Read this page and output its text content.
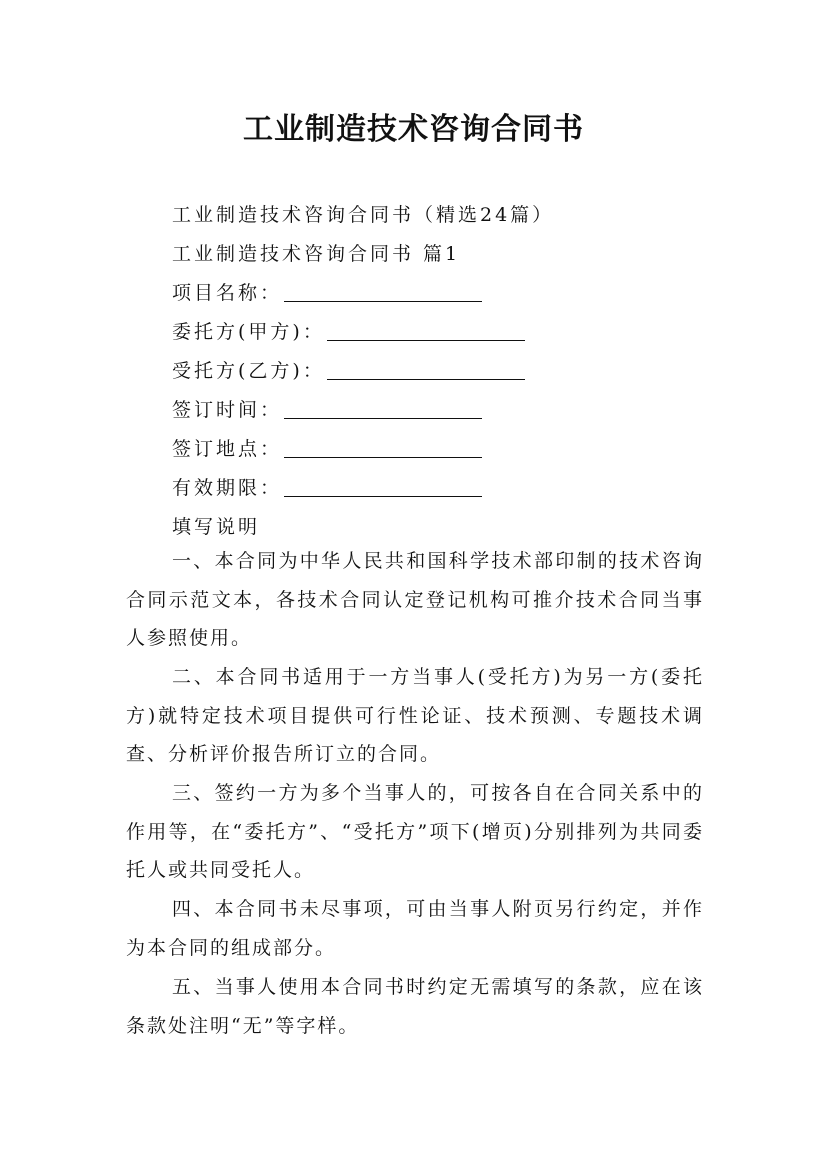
工业制造技术咨询合同书
工业制造技术咨询合同书（精选24篇）
工业制造技术咨询合同书 篇1
项目名称：
委托方(甲方)：
受托方(乙方)：
签订时间：
签订地点：
有效期限：
填写说明
一、本合同为中华人民共和国科学技术部印制的技术咨询合同示范文本，各技术合同认定登记机构可推介技术合同当事人参照使用。
二、本合同书适用于一方当事人(受托方)为另一方(委托方)就特定技术项目提供可行性论证、技术预测、专题技术调查、分析评价报告所订立的合同。
三、签约一方为多个当事人的，可按各自在合同关系中的作用等，在“委托方”、“受托方”项下(增页)分别排列为共同委托人或共同受托人。
四、本合同书未尽事项，可由当事人附页另行约定，并作为本合同的组成部分。
五、当事人使用本合同书时约定无需填写的条款，应在该条款处注明“无”等字样。
